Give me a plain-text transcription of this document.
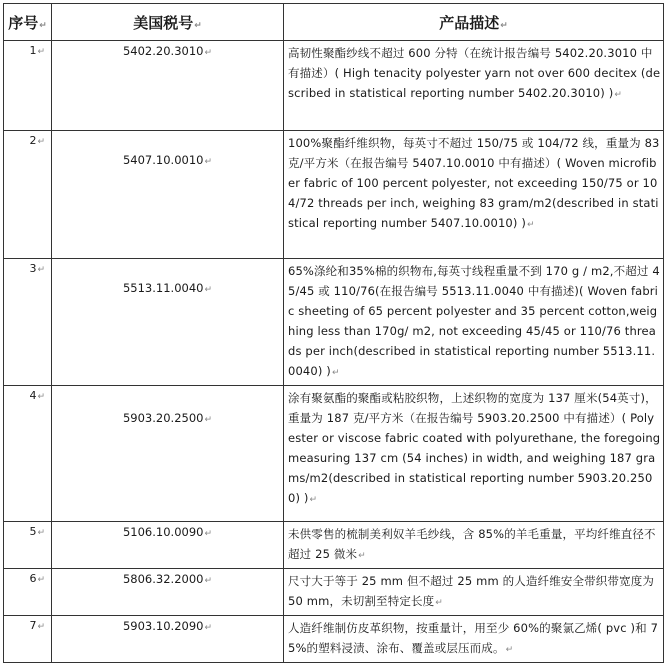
序号↵	美国税号↵	产品描述↵
1↵	5402.20.3010↵	高韧性聚酯纱线不超过 600 分特（在统计报告编号 5402.20.3010 中有描述）( High tenacity polyester yarn not over 600 decitex (described in statistical reporting number 5402.20.3010) )↵
2↵	5407.10.0010↵	100%聚酯纤维织物，每英寸不超过 150/75 或 104/72 线，重量为 83 克/平方米（在报告编号 5407.10.0010 中有描述）( Woven microfiber fabric of 100 percent polyester, not exceeding 150/75 or 104/72 threads per inch, weighing 83 gram/m2(described in statistical reporting number 5407.10.0010) )↵
3↵	5513.11.0040↵	65%涤纶和35%棉的织物布,每英寸线程重量不到 170 g / m2,不超过 45/45 或 110/76(在报告编号 5513.11.0040 中有描述)( Woven fabric sheeting of 65 percent polyester and 35 percent cotton,weighing less than 170g/ m2, not exceeding 45/45 or 110/76 threads per inch(described in statistical reporting number 5513.11.0040) )↵
4↵	5903.20.2500↵	涂有聚氨酯的聚酯或粘胶织物，上述织物的宽度为 137 厘米(54英寸)，重量为 187 克/平方米（在报告编号 5903.20.2500 中有描述）( Polyester or viscose fabric coated with polyurethane, the foregoing measuring 137 cm (54 inches) in width, and weighing 187 grams/m2(described in statistical reporting number 5903.20.2500) )↵
5↵	5106.10.0090↵	未供零售的梳制美利奴羊毛纱线，含 85%的羊毛重量，平均纤维直径不超过 25 微米↵
6↵	5806.32.2000↵	尺寸大于等于 25 mm 但不超过 25 mm 的人造纤维安全带织带宽度为 50 mm，未切割至特定长度↵
7↵	5903.10.2090↵	人造纤维制仿皮革织物，按重量计，用至少 60%的聚氯乙烯( pvc )和 75%的塑料浸渍、涂布、覆盖或层压而成。↵
